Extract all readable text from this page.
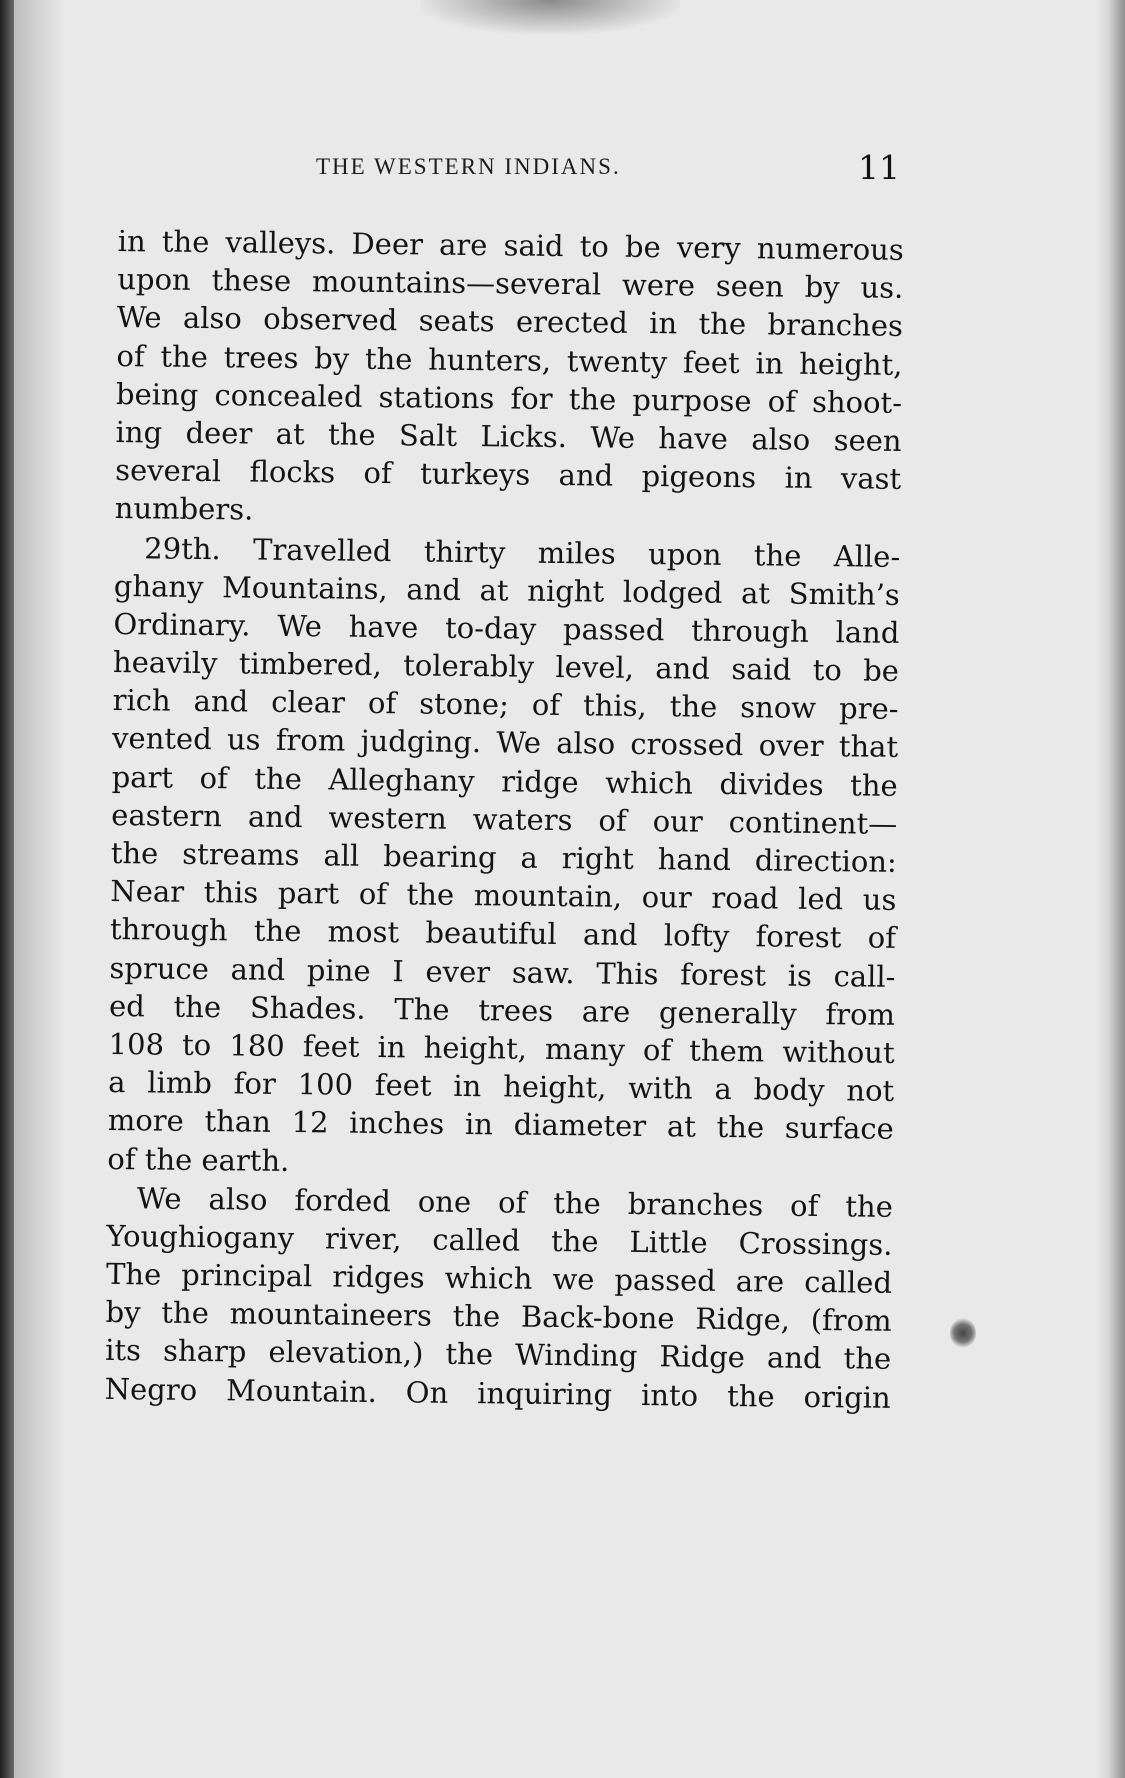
THE WESTERN INDIANS.	11
in the valleys. Deer are said to be very numerous
upon these mountains—several were seen by us.
We also observed seats erected in the branches
of the trees by the hunters, twenty feet in height,
being concealed stations for the purpose of shoot-
ing deer at the Salt Licks. We have also seen
several flocks of turkeys and pigeons in vast
numbers.
29th. Travelled thirty miles upon the Alle-
ghany Mountains, and at night lodged at Smith’s
Ordinary. We have to-day passed through land
heavily timbered, tolerably level, and said to be
rich and clear of stone; of this, the snow pre-
vented us from judging. We also crossed over that
part of the Alleghany ridge which divides the
eastern and western waters of our continent—
the streams all bearing a right hand direction:
Near this part of the mountain, our road led us
through the most beautiful and lofty forest of
spruce and pine I ever saw. This forest is call-
ed the Shades. The trees are generally from
108 to 180 feet in height, many of them without
a limb for 100 feet in height, with a body not
more than 12 inches in diameter at the surface
of the earth.
We also forded one of the branches of the
Youghiogany river, called the Little Crossings.
The principal ridges which we passed are called
by the mountaineers the Back-bone Ridge, (from
its sharp elevation,) the Winding Ridge and the
Negro Mountain. On inquiring into the origin
